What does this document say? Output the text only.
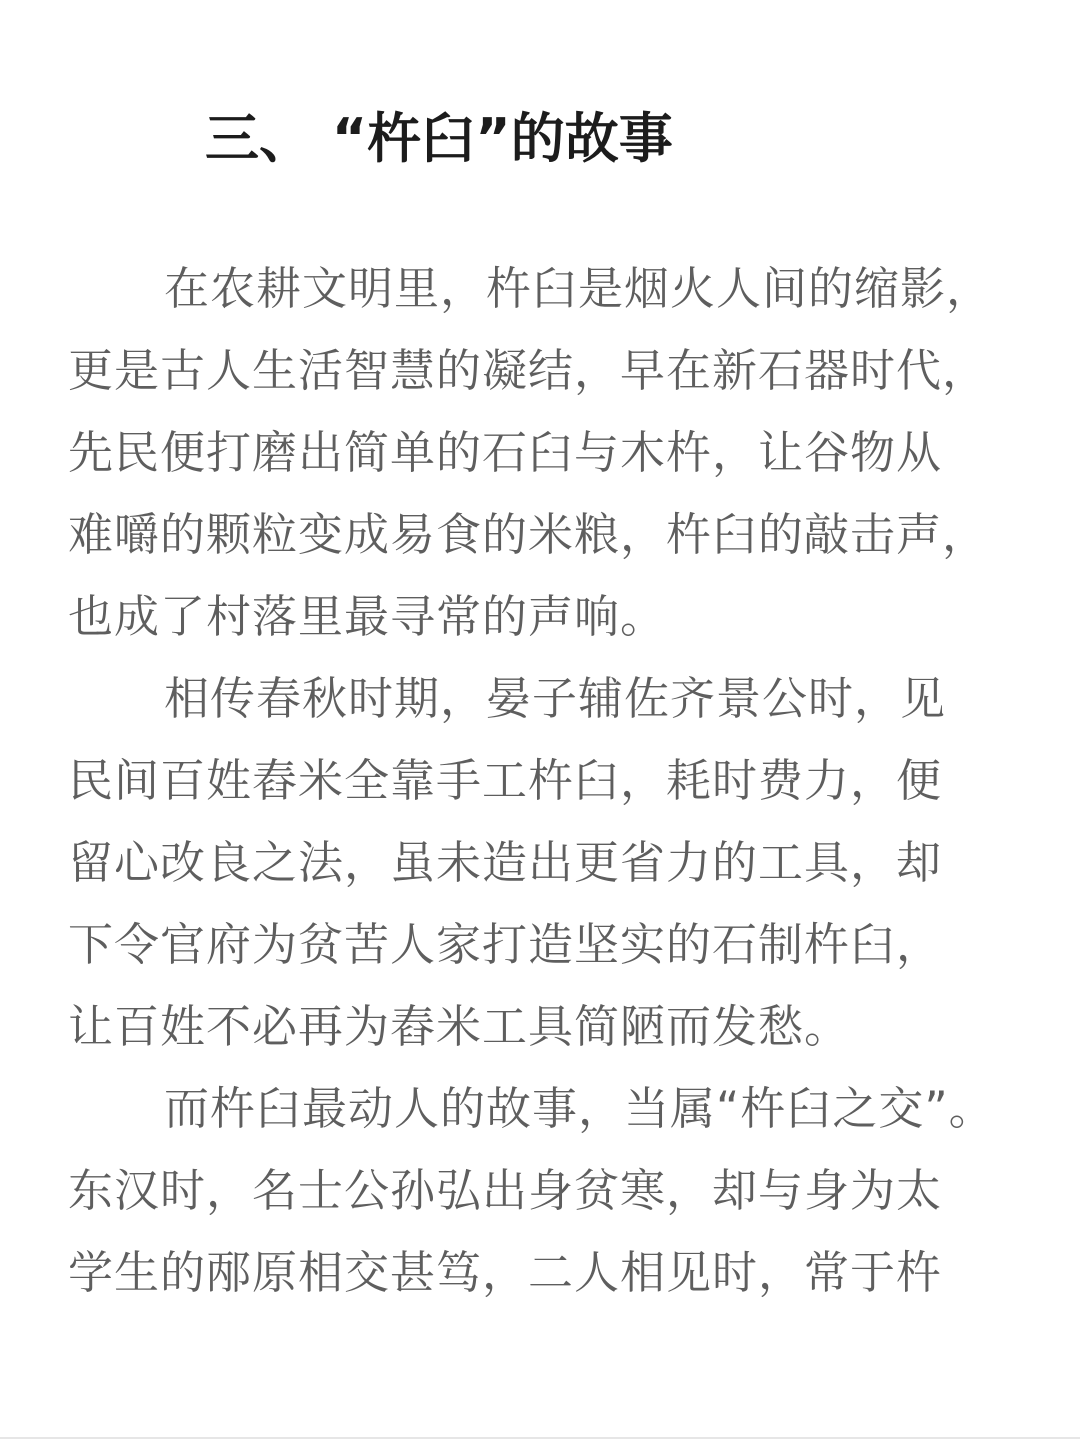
三、 “杵臼”的故事
在农耕文明里，杵臼是烟火人间的缩影，
更是古人生活智慧的凝结，早在新石器时代，
先民便打磨出简单的石臼与木杵，让谷物从
难嚼的颗粒变成易食的米粮，杵臼的敲击声，
也成了村落里最寻常的声响。
相传春秋时期，晏子辅佐齐景公时，见
民间百姓舂米全靠手工杵臼，耗时费力，便
留心改良之法，虽未造出更省力的工具，却
下令官府为贫苦人家打造坚实的石制杵臼，
让百姓不必再为舂米工具简陋而发愁。
而杵臼最动人的故事，当属“杵臼之交”。
东汉时，名士公孙弘出身贫寒，却与身为太
学生的邴原相交甚笃，二人相见时，常于杵
